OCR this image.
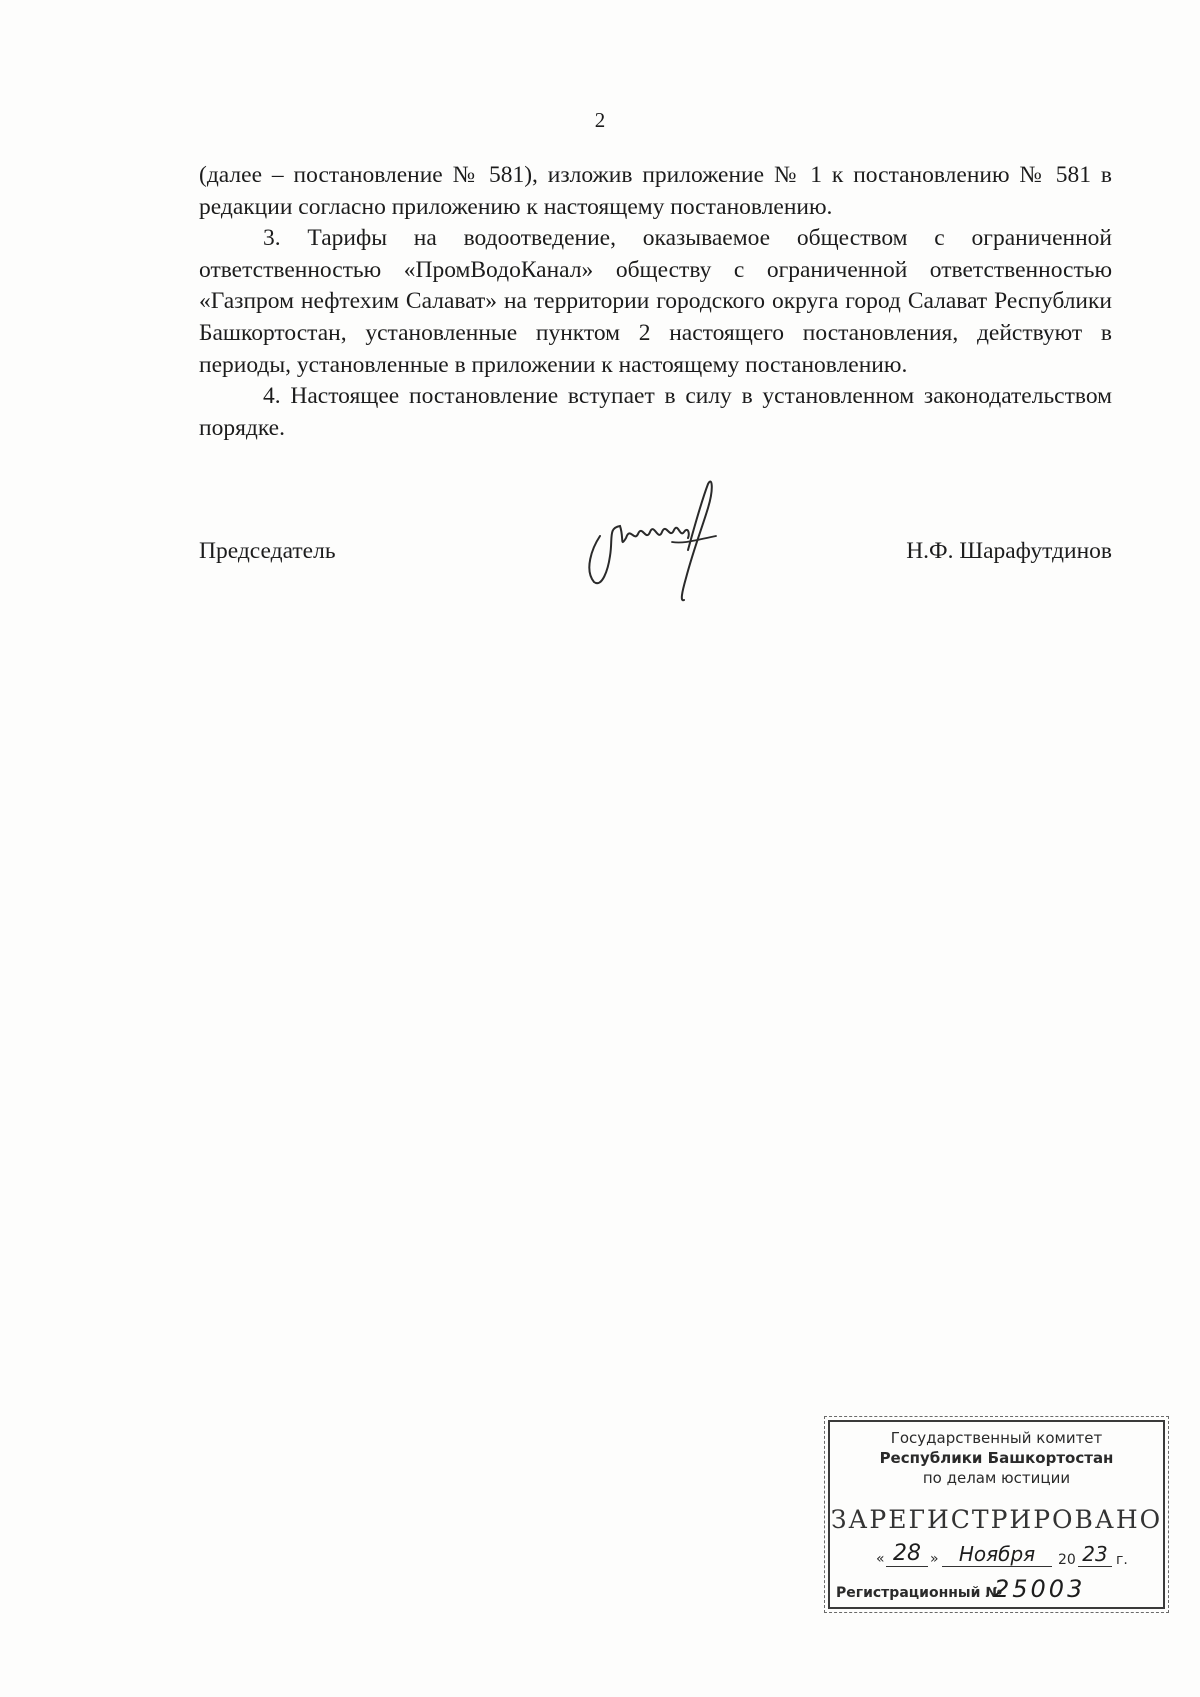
2

(далее – постановление № 581), изложив приложение № 1 к постановлению № 581 в редакции согласно приложению к настоящему постановлению.

3. Тарифы на водоотведение, оказываемое обществом с ограниченной ответственностью «ПромВодоКанал» обществу с ограниченной ответственностью «Газпром нефтехим Салават» на территории городского округа город Салават Республики Башкортостан, установленные пунктом 2 настоящего постановления, действуют в периоды, установленные в приложении к настоящему постановлению.

4. Настоящее постановление вступает в силу в установленном законодательством порядке.

Председатель	Н.Ф. Шарафутдинов
Государственный комитет
Республики Башкортостан
по делам юстиции
ЗАРЕГИСТРИРОВАНО
« 28 »	Ноября	20 23 г.
Регистрационный №
25003
